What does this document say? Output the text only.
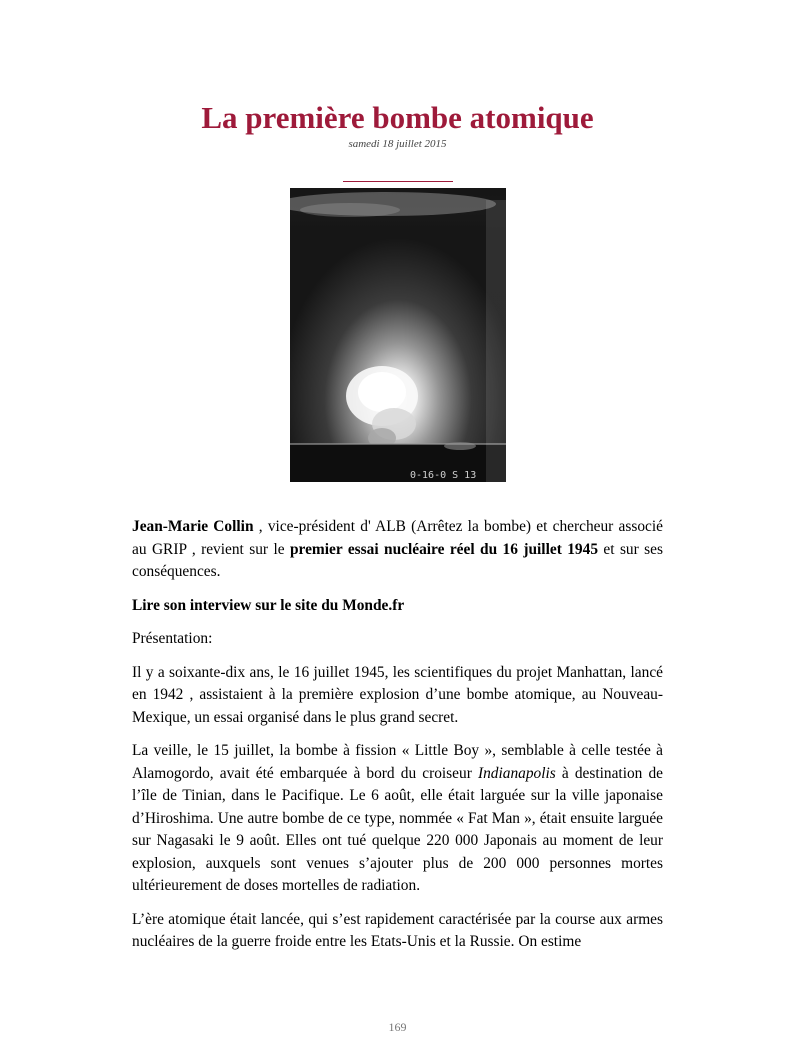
La première bombe atomique
samedi 18 juillet 2015
0-16-0 S 13

Jean-Marie Collin , vice-président d' ALB (Arrêtez la bombe) et chercheur associé au GRIP , revient sur le premier essai nucléaire réel du 16 juillet 1945 et sur ses conséquences.

Lire son interview sur le site du Monde.fr

Présentation:

Il y a soixante-dix ans, le 16 juillet 1945, les scientifiques du projet Manhattan, lancé en 1942 , assistaient à la première explosion d’une bombe atomique, au Nouveau-Mexique, un essai organisé dans le plus grand secret.

La veille, le 15 juillet, la bombe à fission « Little Boy », semblable à celle testée à Alamogordo, avait été embarquée à bord du croiseur Indianapolis à destination de l’île de Tinian, dans le Pacifique. Le 6 août, elle était larguée sur la ville japonaise d’Hiroshima. Une autre bombe de ce type, nommée « Fat Man », était ensuite larguée sur Nagasaki le 9 août. Elles ont tué quelque 220 000 Japonais au moment de leur explosion, auxquels sont venues s’ajouter plus de 200 000 personnes mortes ultérieurement de doses mortelles de radiation.

L’ère atomique était lancée, qui s’est rapidement caractérisée par la course aux armes nucléaires de la guerre froide entre les Etats-Unis et la Russie. On estime

169
